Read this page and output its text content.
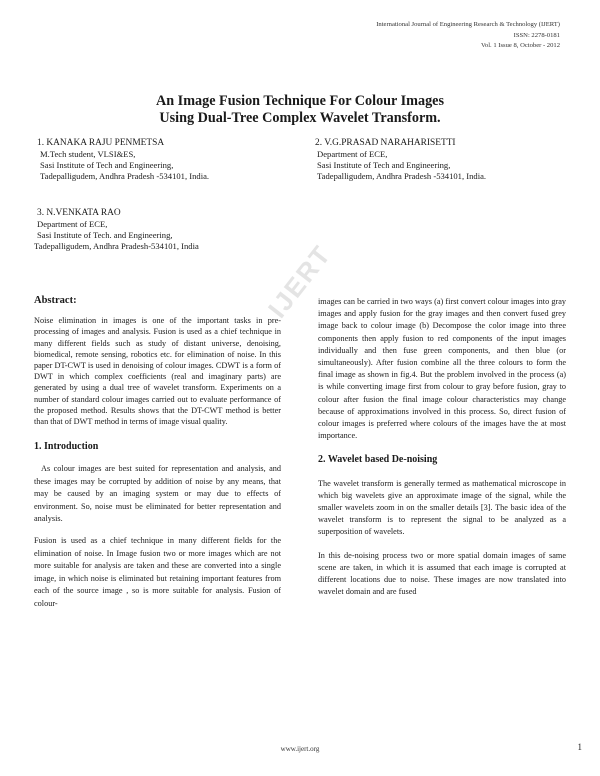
International Journal of Engineering Research & Technology (IJERT)
ISSN: 2278-0181
Vol. 1 Issue 8, October - 2012
An Image Fusion Technique For Colour Images
Using Dual-Tree Complex Wavelet Transform.
1. KANAKA RAJU PENMETSA
M.Tech student, VLSI&ES,
Sasi Institute of Tech and Engineering,
Tadepalligudem, Andhra Pradesh -534101, India.
2. V.G.PRASAD NARAHARISETTI
Department of ECE,
Sasi Institute of Tech and Engineering,
Tadepalligudem, Andhra Pradesh -534101, India.
3. N.VENKATA RAO
Department of ECE,
Sasi Institute of Tech. and Engineering,
Tadepalligudem, Andhra Pradesh-534101, India IJERT
Abstract:

Noise elimination in images is one of the important tasks in pre-processing of images and analysis. Fusion is used as a chief technique in many different fields such as study of distant universe, denoising, biomedical, remote sensing, robotics etc. for elimination of noise. In this paper DT-CWT is used in denoising of colour images. CDWT is a form of DWT in which complex coefficients (real and imaginary parts) are generated by using a dual tree of wavelet transform. Experiments on a number of standard colour images carried out to evaluate performance of the proposed method. Results shows that the DT-CWT method is better than that of DWT method in terms of image visual quality.

1. Introduction

As colour images are best suited for representation and analysis, and these images may be corrupted by addition of noise by any means, that may be caused by an imaging system or may due to effects of environment. So, noise must be eliminated for better representation and analysis.

Fusion is used as a chief technique in many different fields for the elimination of noise. In Image fusion two or more images which are not more suitable for analysis are taken and these are converted into a single image, in which noise is eliminated but retaining important features from each of the source image , so is more suitable for analysis. Fusion of colour-

images can be carried in two ways (a) first convert colour images into gray images and apply fusion for the gray images and then convert fused grey image back to colour image (b) Decompose the color image into three components then apply fusion to red components of the input images individually and then fuse green components, and then blue (or simultaneously). After fusion combine all the three colours to form the final image as shown in fig.4. But the problem involved in the process (a) is while converting image first from colour to gray before fusion, gray to colour after fusion the final image colour characteristics may change because of approximations involved in this process. So, direct fusion of colour images is preferred where colours of the images have the at most importance.

2. Wavelet based De-noising

The wavelet transform is generally termed as mathematical microscope in which big wavelets give an approximate image of the signal, while the smaller wavelets zoom in on the smaller details [3]. The basic idea of the wavelet transform is to represent the signal to be analyzed as a superposition of wavelets.

In this de-noising process two or more spatial domain images of same scene are taken, in which it is assumed that each image is corrupted at different locations due to noise. These images are now translated into wavelet domain and are fused

www.ijert.org	1
